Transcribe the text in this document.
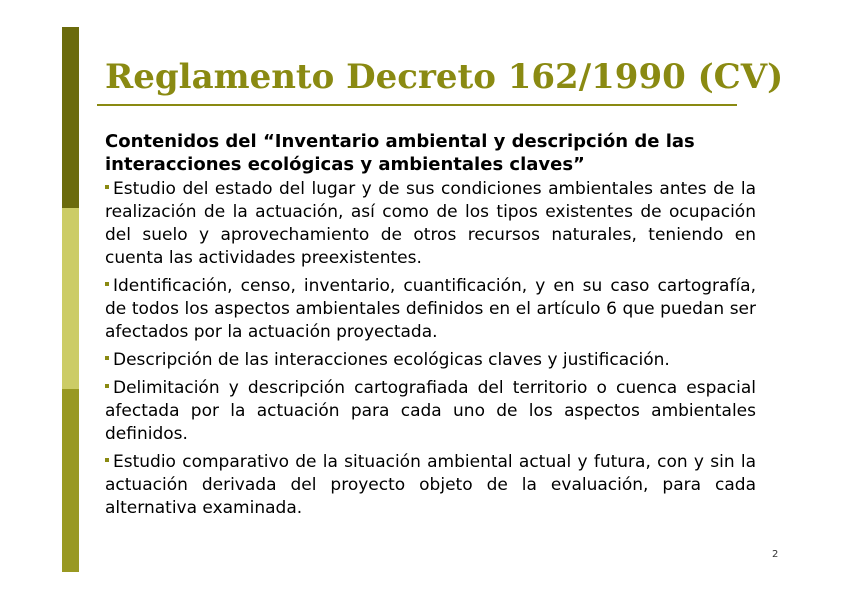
Reglamento Decreto 162/1990 (CV)

Contenidos del “Inventario ambiental y descripción de las interacciones ecológicas y ambientales claves”

Estudio del estado del lugar y de sus condiciones ambientales antes de la realización de la actuación, así como de los tipos existentes de ocupación del suelo y aprovechamiento de otros recursos naturales, teniendo en cuenta las actividades preexistentes.
Identificación, censo, inventario, cuantificación, y en su caso cartografía, de todos los aspectos ambientales definidos en el artículo 6 que puedan ser afectados por la actuación proyectada.
Descripción de las interacciones ecológicas claves y justificación.
Delimitación y descripción cartografiada del territorio o cuenca espacial afectada por la actuación para cada uno de los aspectos ambientales definidos.
Estudio comparativo de la situación ambiental actual y futura, con y sin la actuación derivada del proyecto objeto de la evaluación, para cada alternativa examinada.
2
